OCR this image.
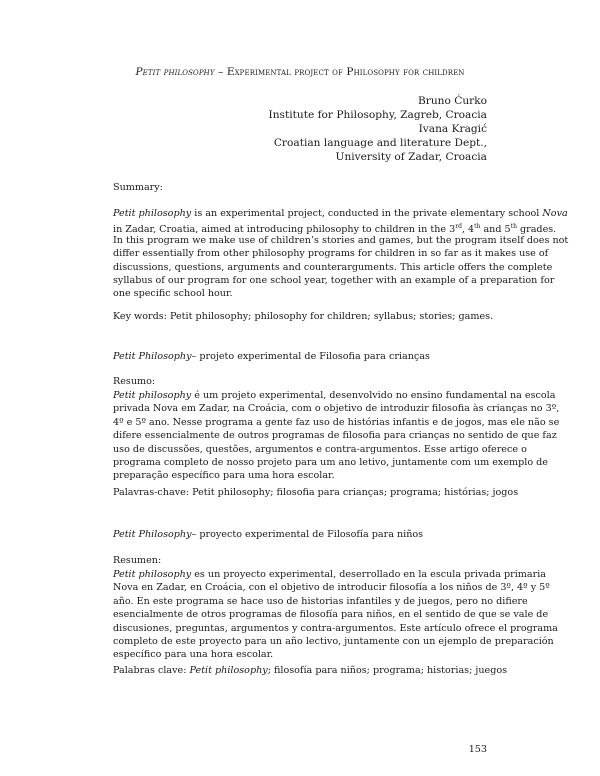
Petit philosophy – Experimental project of Philosophy for children
Bruno Ćurko
Institute for Philosophy, Zagreb, Croacia
Ivana Kragić
Croatian language and literature Dept.,
University of Zadar, Croacia
Summary:
Petit philosophy is an experimental project, conducted in the private elementary school Nova
in Zadar, Croatia, aimed at introducing philosophy to children in the 3rd, 4th and 5th grades.
In this program we make use of children’s stories and games, but the program itself does not
differ essentially from other philosophy programs for children in so far as it makes use of
discussions, questions, arguments and counterarguments. This article offers the complete
syllabus of our program for one school year, together with an example of a preparation for
one specific school hour.
Key words: Petit philosophy; philosophy for children; syllabus; stories; games.
Petit Philosophy– projeto experimental de Filosofia para crianças
Resumo:
Petit philosophy é um projeto experimental, desenvolvido no ensino fundamental na escola
privada Nova em Zadar, na Croácia, com o objetivo de introduzir filosofia às crianças no 3º,
4º e 5º ano. Nesse programa a gente faz uso de histórias infantis e de jogos, mas ele não se
difere essencialmente de outros programas de filosofia para crianças no sentido de que faz
uso de discussões, questões, argumentos e contra-argumentos. Esse artigo oferece o
programa completo de nosso projeto para um ano letivo, juntamente com um exemplo de
preparação específico para uma hora escolar.
Palavras-chave: Petit philosophy; filosofia para crianças; programa; histórias; jogos
Petit Philosophy– proyecto experimental de Filosofía para niños
Resumen:
Petit philosophy es un proyecto experimental, deserrollado en la escula privada primaria
Nova en Zadar, en Croácia, con el objetivo de introducir filosofía a los niños de 3º, 4º y 5º
año. En este programa se hace uso de historias infantiles y de juegos, pero no difiere
esencialmente de otros programas de filosofía para niños, en el sentido de que se vale de
discusiones, preguntas, argumentos y contra-argumentos. Este artículo ofrece el programa
completo de este proyecto para un año lectivo, juntamente con un ejemplo de preparación
específico para una hora escolar.
Palabras clave: Petit philosophy; filosofía para niños; programa; historias; juegos
153
